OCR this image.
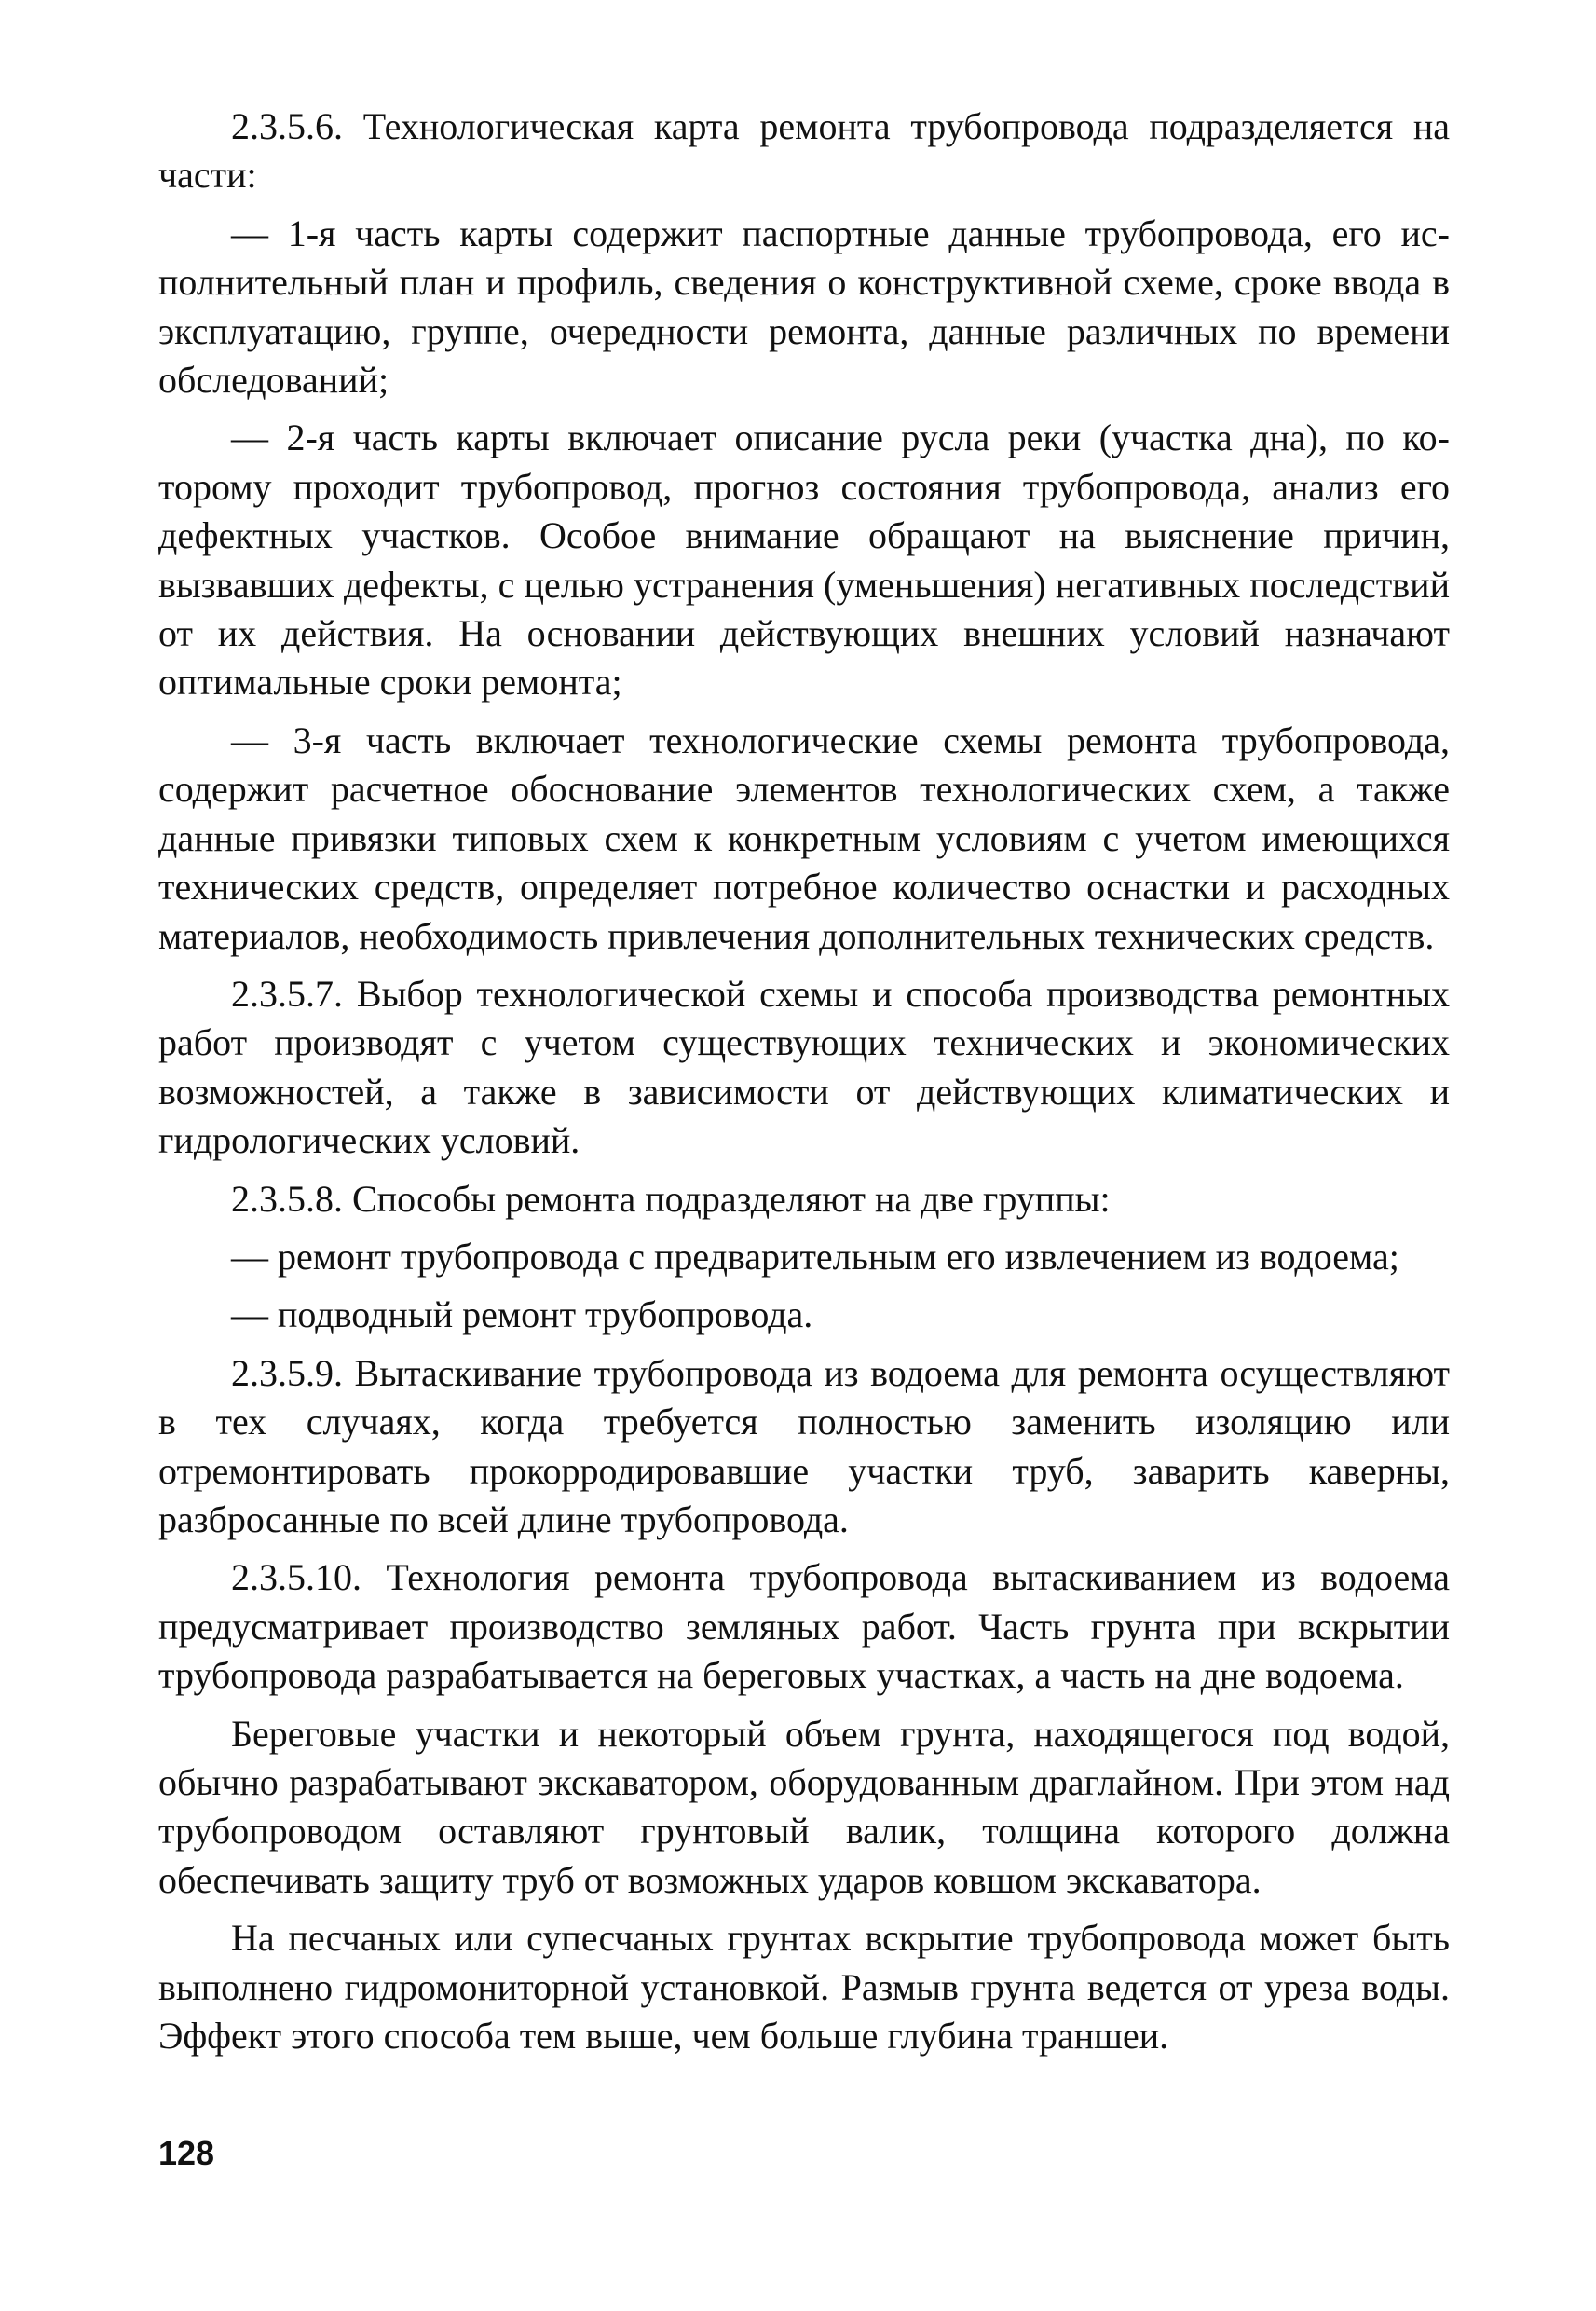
2.3.5.6. Технологическая карта ремонта трубопровода подразделяется на части:

— 1-я часть карты содержит паспортные данные трубопровода, его исполнительный план и профиль, сведения о конструктивной схеме, сроке ввода в эксплуатацию, группе, очередности ремонта, данные различных по времени обследований;

— 2-я часть карты включает описание русла реки (участка дна), по которому проходит трубопровод, прогноз состояния трубопровода, анализ его дефектных участков. Особое внимание обращают на выяснение причин, вызвавших дефекты, с целью устранения (уменьшения) негативных последствий от их действия. На основании действующих внешних условий назначают оптимальные сроки ремонта;

— 3-я часть включает технологические схемы ремонта трубопровода, содержит расчетное обоснование элементов технологических схем, а также данные привязки типовых схем к конкретным условиям с учетом имеющихся технических средств, определяет потребное количество оснастки и расходных материалов, необходимость привлечения дополнительных технических средств.

2.3.5.7. Выбор технологической схемы и способа производства ремонтных работ производят с учетом существующих технических и экономических возможностей, а также в зависимости от действующих климатических и гидрологических условий.

2.3.5.8. Способы ремонта подразделяют на две группы:

— ремонт трубопровода с предварительным его извлечением из водоема;

— подводный ремонт трубопровода.

2.3.5.9. Вытаскивание трубопровода из водоема для ремонта осуществляют в тех случаях, когда требуется полностью заменить изоляцию или отремонтировать прокорродировавшие участки труб, заварить каверны, разбросанные по всей длине трубопровода.

2.3.5.10. Технология ремонта трубопровода вытаскиванием из водоема предусматривает производство земляных работ. Часть грунта при вскрытии трубопровода разрабатывается на береговых участках, а часть на дне водоема.

Береговые участки и некоторый объем грунта, находящегося под водой, обычно разрабатывают экскаватором, оборудованным драглайном. При этом над трубопроводом оставляют грунтовый валик, толщина которого должна обеспечивать защиту труб от возможных ударов ковшом экскаватора.

На песчаных или супесчаных грунтах вскрытие трубопровода может быть выполнено гидромониторной установкой. Размыв грунта ведется от уреза воды. Эффект этого способа тем выше, чем больше глубина траншеи.

128
